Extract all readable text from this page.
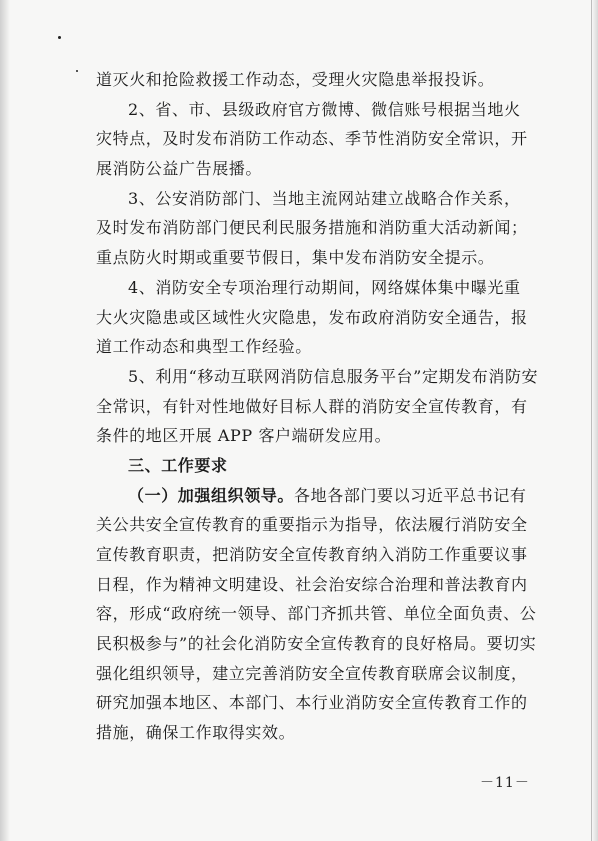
道灭火和抢险救援工作动态，受理火灾隐患举报投诉。
2、省、市、县级政府官方微博、微信账号根据当地火
灾特点，及时发布消防工作动态、季节性消防安全常识，开
展消防公益广告展播。
3、公安消防部门、当地主流网站建立战略合作关系，
及时发布消防部门便民利民服务措施和消防重大活动新闻；
重点防火时期或重要节假日，集中发布消防安全提示。
4、消防安全专项治理行动期间，网络媒体集中曝光重
大火灾隐患或区域性火灾隐患，发布政府消防安全通告，报
道工作动态和典型工作经验。
5、利用“移动互联网消防信息服务平台”定期发布消防安
全常识，有针对性地做好目标人群的消防安全宣传教育，有
条件的地区开展 APP 客户端研发应用。
三、工作要求
（一）加强组织领导。各地各部门要以习近平总书记有
关公共安全宣传教育的重要指示为指导，依法履行消防安全
宣传教育职责，把消防安全宣传教育纳入消防工作重要议事
日程，作为精神文明建设、社会治安综合治理和普法教育内
容，形成“政府统一领导、部门齐抓共管、单位全面负责、公
民积极参与”的社会化消防安全宣传教育的良好格局。要切实
强化组织领导，建立完善消防安全宣传教育联席会议制度，
研究加强本地区、本部门、本行业消防安全宣传教育工作的
措施，确保工作取得实效。
－11－
